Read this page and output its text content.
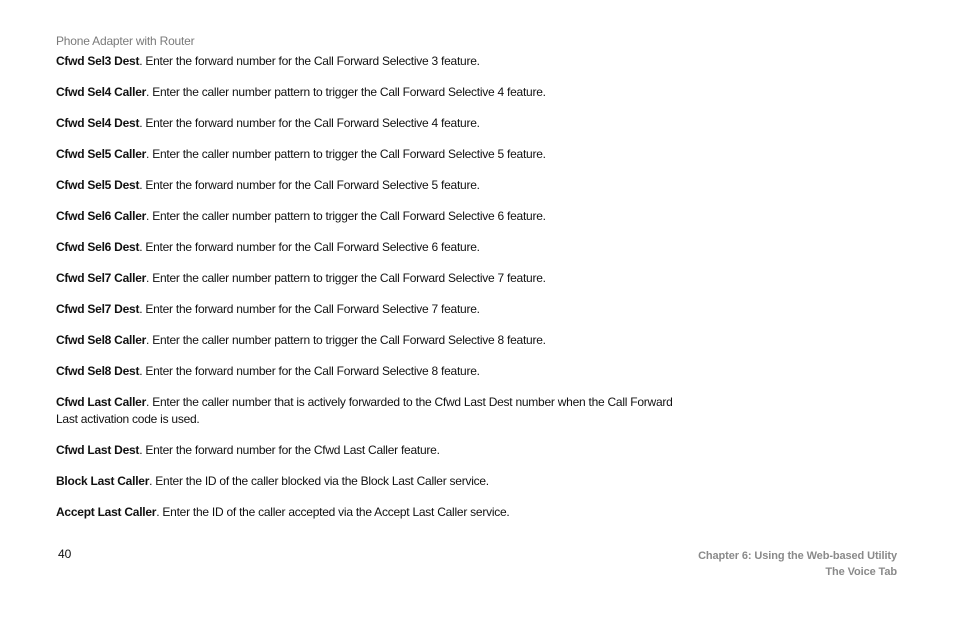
Phone Adapter with Router

Cfwd Sel3 Dest. Enter the forward number for the Call Forward Selective 3 feature.

Cfwd Sel4 Caller. Enter the caller number pattern to trigger the Call Forward Selective 4 feature.

Cfwd Sel4 Dest. Enter the forward number for the Call Forward Selective 4 feature.

Cfwd Sel5 Caller. Enter the caller number pattern to trigger the Call Forward Selective 5 feature.

Cfwd Sel5 Dest. Enter the forward number for the Call Forward Selective 5 feature.

Cfwd Sel6 Caller. Enter the caller number pattern to trigger the Call Forward Selective 6 feature.

Cfwd Sel6 Dest. Enter the forward number for the Call Forward Selective 6 feature.

Cfwd Sel7 Caller. Enter the caller number pattern to trigger the Call Forward Selective 7 feature.

Cfwd Sel7 Dest. Enter the forward number for the Call Forward Selective 7 feature.

Cfwd Sel8 Caller. Enter the caller number pattern to trigger the Call Forward Selective 8 feature.

Cfwd Sel8 Dest. Enter the forward number for the Call Forward Selective 8 feature.

Cfwd Last Caller. Enter the caller number that is actively forwarded to the Cfwd Last Dest number when the Call Forward Last activation code is used.

Cfwd Last Dest. Enter the forward number for the Cfwd Last Caller feature.

Block Last Caller. Enter the ID of the caller blocked via the Block Last Caller service.

Accept Last Caller. Enter the ID of the caller accepted via the Accept Last Caller service.

40	Chapter 6: Using the Web-based Utility
The Voice Tab
